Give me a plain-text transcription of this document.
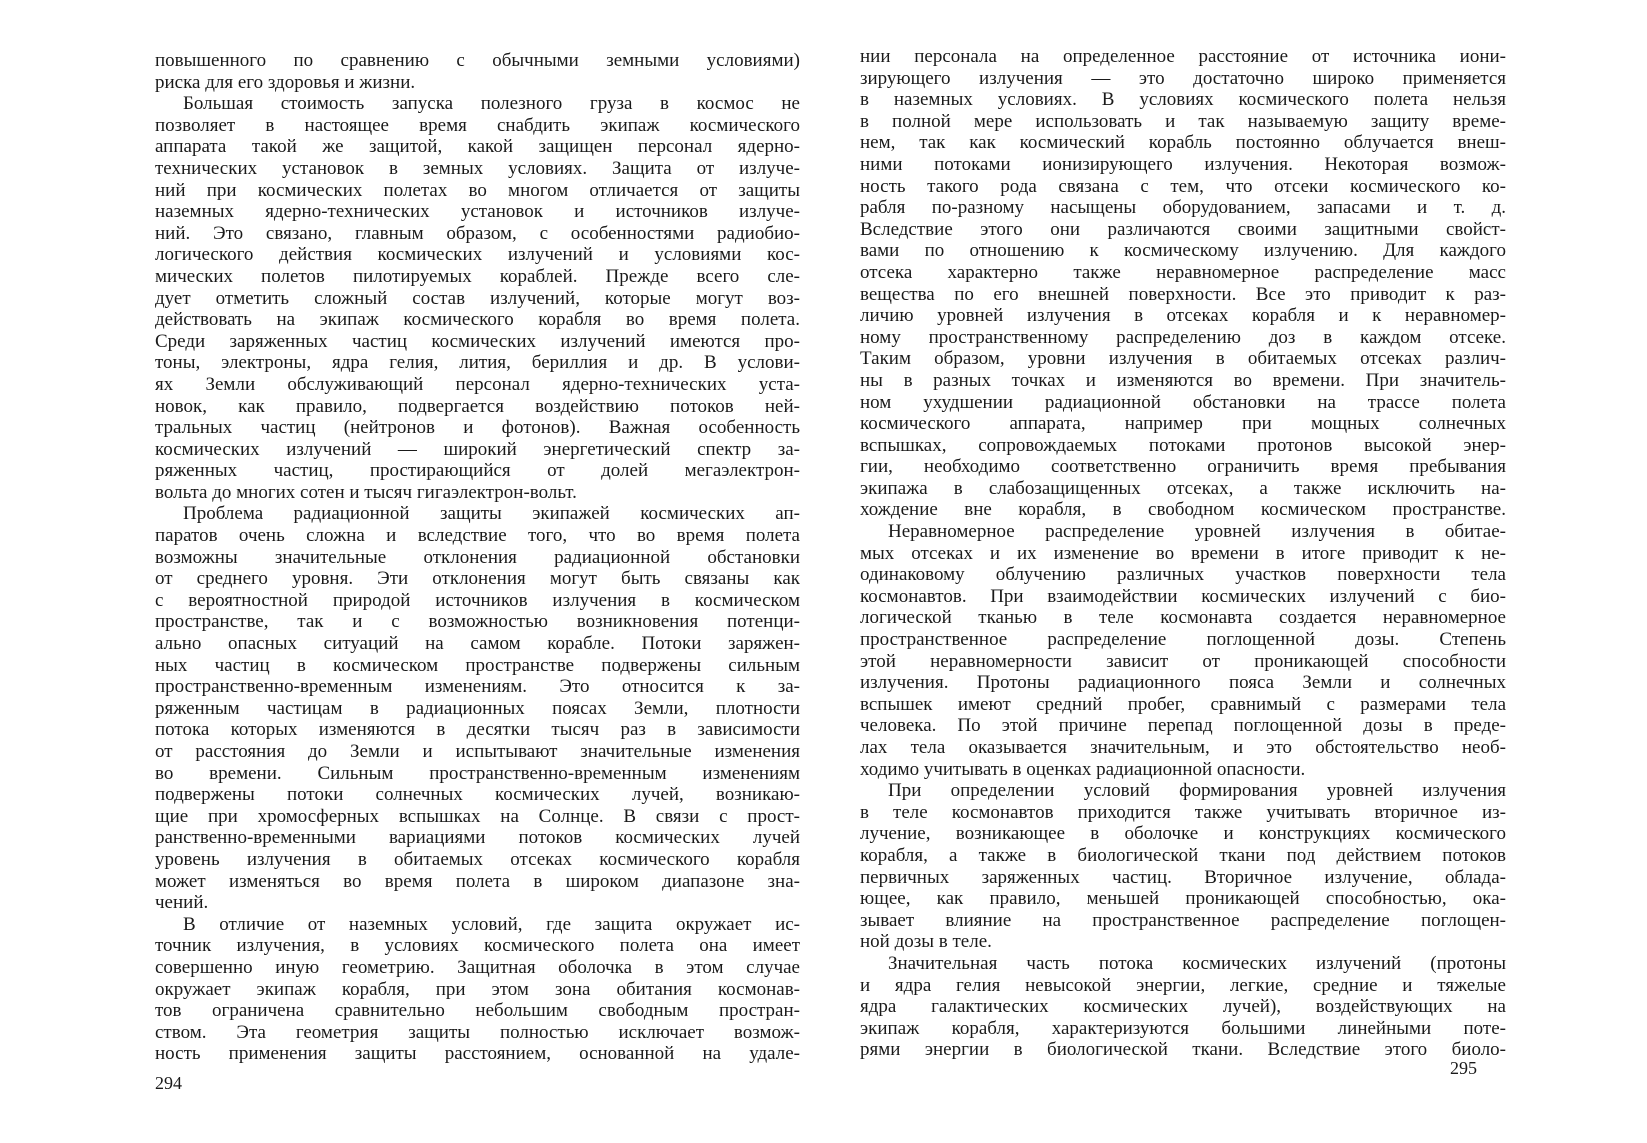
повышенного по сравнению с обычными земными условиями)
риска для его здоровья и жизни.
Большая стоимость запуска полезного груза в космос не
позволяет в настоящее время снабдить экипаж космического
аппарата такой же защитой, какой защищен персонал ядерно-
технических установок в земных условиях. Защита от излуче-
ний при космических полетах во многом отличается от защиты
наземных ядерно-технических установок и источников излуче-
ний. Это связано, главным образом, с особенностями радиобио-
логического действия космических излучений и условиями кос-
мических полетов пилотируемых кораблей. Прежде всего сле-
дует отметить сложный состав излучений, которые могут воз-
действовать на экипаж космического корабля во время полета.
Среди заряженных частиц космических излучений имеются про-
тоны, электроны, ядра гелия, лития, бериллия и др. В услови-
ях Земли обслуживающий персонал ядерно-технических уста-
новок, как правило, подвергается воздействию потоков ней-
тральных частиц (нейтронов и фотонов). Важная особенность
космических излучений — широкий энергетический спектр за-
ряженных частиц, простирающийся от долей мегаэлектрон-
вольта до многих сотен и тысяч гигаэлектрон-вольт.
Проблема радиационной защиты экипажей космических ап-
паратов очень сложна и вследствие того, что во время полета
возможны значительные отклонения радиационной обстановки
от среднего уровня. Эти отклонения могут быть связаны как
с вероятностной природой источников излучения в космическом
пространстве, так и с возможностью возникновения потенци-
ально опасных ситуаций на самом корабле. Потоки заряжен-
ных частиц в космическом пространстве подвержены сильным
пространственно-временным изменениям. Это относится к за-
ряженным частицам в радиационных поясах Земли, плотности
потока которых изменяются в десятки тысяч раз в зависимости
от расстояния до Земли и испытывают значительные изменения
во времени. Сильным пространственно-временным изменениям
подвержены потоки солнечных космических лучей, возникаю-
щие при хромосферных вспышках на Солнце. В связи с прост-
ранственно-временными вариациями потоков космических лучей
уровень излучения в обитаемых отсеках космического корабля
может изменяться во время полета в широком диапазоне зна-
чений.
В отличие от наземных условий, где защита окружает ис-
точник излучения, в условиях космического полета она имеет
совершенно иную геометрию. Защитная оболочка в этом случае
окружает экипаж корабля, при этом зона обитания космонав-
тов ограничена сравнительно небольшим свободным простран-
ством. Эта геометрия защиты полностью исключает возмож-
ность применения защиты расстоянием, основанной на удале-
294
нии персонала на определенное расстояние от источника иони-
зирующего излучения — это достаточно широко применяется
в наземных условиях. В условиях космического полета нельзя
в полной мере использовать и так называемую защиту време-
нем, так как космический корабль постоянно облучается внеш-
ними потоками ионизирующего излучения. Некоторая возмож-
ность такого рода связана с тем, что отсеки космического ко-
рабля по-разному насыщены оборудованием, запасами и т. д.
Вследствие этого они различаются своими защитными свойст-
вами по отношению к космическому излучению. Для каждого
отсека характерно также неравномерное распределение масс
вещества по его внешней поверхности. Все это приводит к раз-
личию уровней излучения в отсеках корабля и к неравномер-
ному пространственному распределению доз в каждом отсеке.
Таким образом, уровни излучения в обитаемых отсеках различ-
ны в разных точках и изменяются во времени. При значитель-
ном ухудшении радиационной обстановки на трассе полета
космического аппарата, например при мощных солнечных
вспышках, сопровождаемых потоками протонов высокой энер-
гии, необходимо соответственно ограничить время пребывания
экипажа в слабозащищенных отсеках, а также исключить на-
хождение вне корабля, в свободном космическом пространстве.
Неравномерное распределение уровней излучения в обитае-
мых отсеках и их изменение во времени в итоге приводит к не-
одинаковому облучению различных участков поверхности тела
космонавтов. При взаимодействии космических излучений с био-
логической тканью в теле космонавта создается неравномерное
пространственное распределение поглощенной дозы. Степень
этой неравномерности зависит от проникающей способности
излучения. Протоны радиационного пояса Земли и солнечных
вспышек имеют средний пробег, сравнимый с размерами тела
человека. По этой причине перепад поглощенной дозы в преде-
лах тела оказывается значительным, и это обстоятельство необ-
ходимо учитывать в оценках радиационной опасности.
При определении условий формирования уровней излучения
в теле космонавтов приходится также учитывать вторичное из-
лучение, возникающее в оболочке и конструкциях космического
корабля, а также в биологической ткани под действием потоков
первичных заряженных частиц. Вторичное излучение, облада-
ющее, как правило, меньшей проникающей способностью, ока-
зывает влияние на пространственное распределение поглощен-
ной дозы в теле.
Значительная часть потока космических излучений (протоны
и ядра гелия невысокой энергии, легкие, средние и тяжелые
ядра галактических космических лучей), воздействующих на
экипаж корабля, характеризуются большими линейными поте-
рями энергии в биологической ткани. Вследствие этого биоло-
295
